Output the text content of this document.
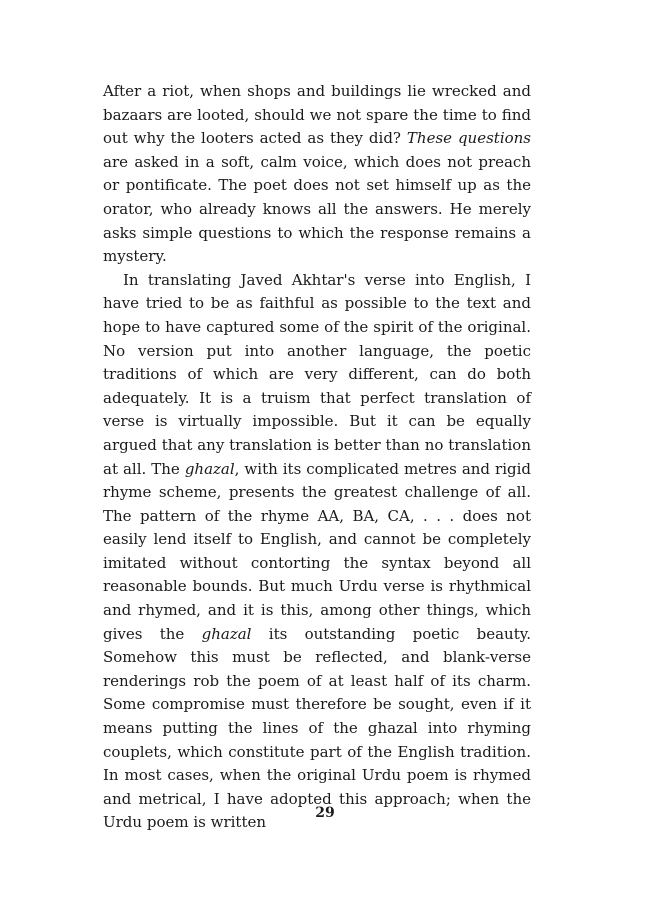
After a riot, when shops and buildings lie wrecked and bazaars are looted, should we not spare the time to find out why the looters acted as they did? These questions are asked in a soft, calm voice, which does not preach or pontificate. The poet does not set himself up as the orator, who already knows all the answers. He merely asks simple questions to which the response remains a mystery.

In translating Javed Akhtar's verse into English, I have tried to be as faithful as possible to the text and hope to have captured some of the spirit of the original. No version put into another language, the poetic traditions of which are very different, can do both adequately. It is a truism that perfect translation of verse is virtually impossible. But it can be equally argued that any translation is better than no translation at all. The ghazal, with its complicated metres and rigid rhyme scheme, presents the greatest challenge of all. The pattern of the rhyme AA, BA, CA, . . . does not easily lend itself to English, and cannot be completely imitated without contorting the syntax beyond all reasonable bounds. But much Urdu verse is rhythmical and rhymed, and it is this, among other things, which gives the ghazal its outstanding poetic beauty. Somehow this must be reflected, and blank-verse renderings rob the poem of at least half of its charm. Some compromise must therefore be sought, even if it means putting the lines of the ghazal into rhyming couplets, which constitute part of the English tradition. In most cases, when the original Urdu poem is rhymed and metrical, I have adopted this approach; when the Urdu poem is written

29
